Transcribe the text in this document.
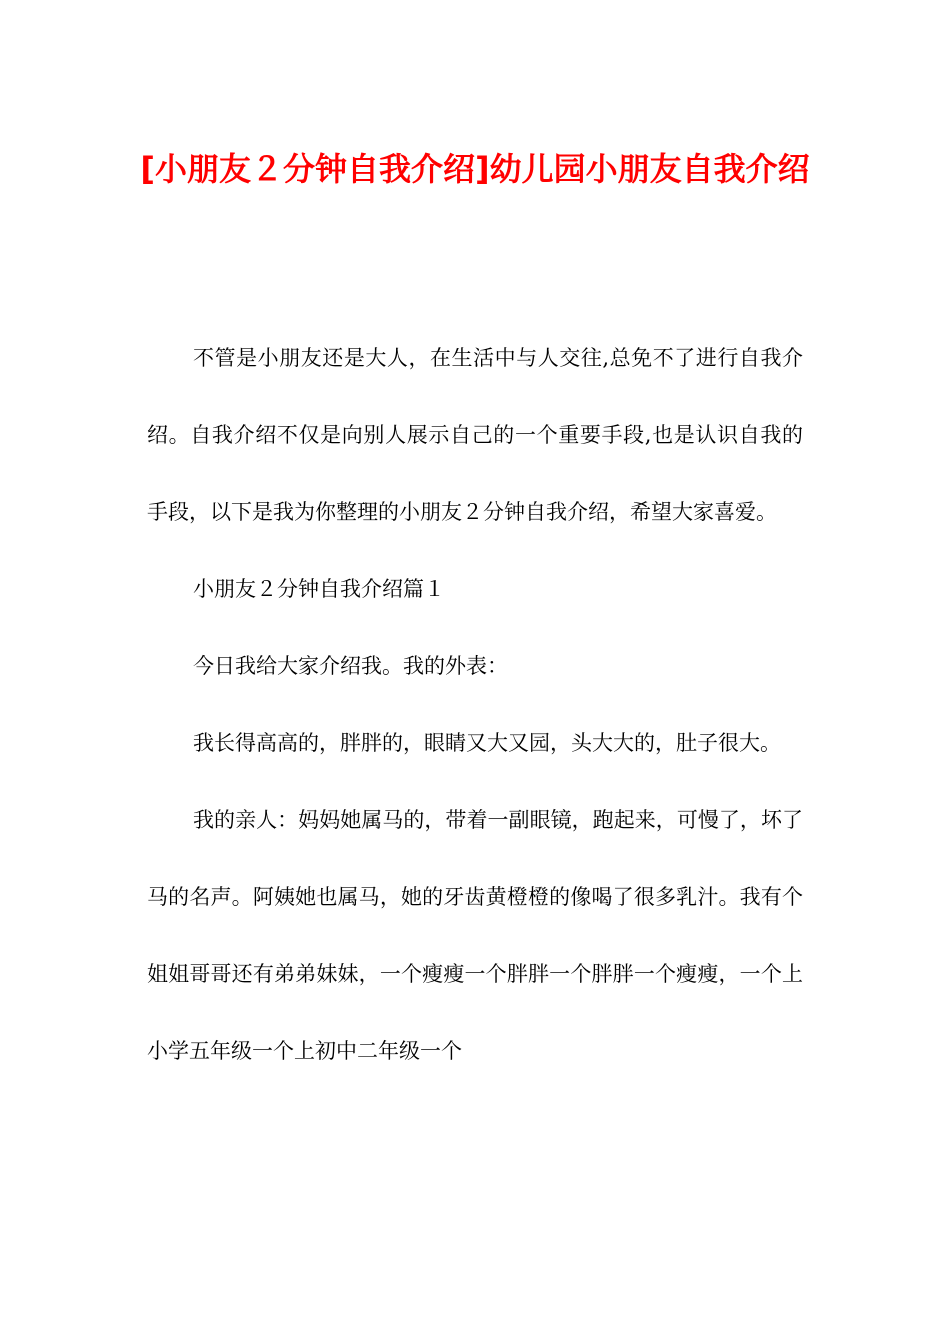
[小朋友２分钟自我介绍]幼儿园小朋友自我介绍

不管是小朋友还是大人，在生活中与人交往,总免不了进行自我介绍。自我介绍不仅是向别人展示自己的一个重要手段,也是认识自我的手段，以下是我为你整理的小朋友２分钟自我介绍，希望大家喜爱。

小朋友２分钟自我介绍篇１

今日我给大家介绍我。我的外表：

我长得高高的，胖胖的，眼睛又大又园，头大大的，肚子很大。

我的亲人：妈妈她属马的，带着一副眼镜，跑起来，可慢了，坏了马的名声。阿姨她也属马，她的牙齿黄橙橙的像喝了很多乳汁。我有个姐姐哥哥还有弟弟妹妹，一个瘦瘦一个胖胖一个胖胖一个瘦瘦，一个上小学五年级一个上初中二年级一个
